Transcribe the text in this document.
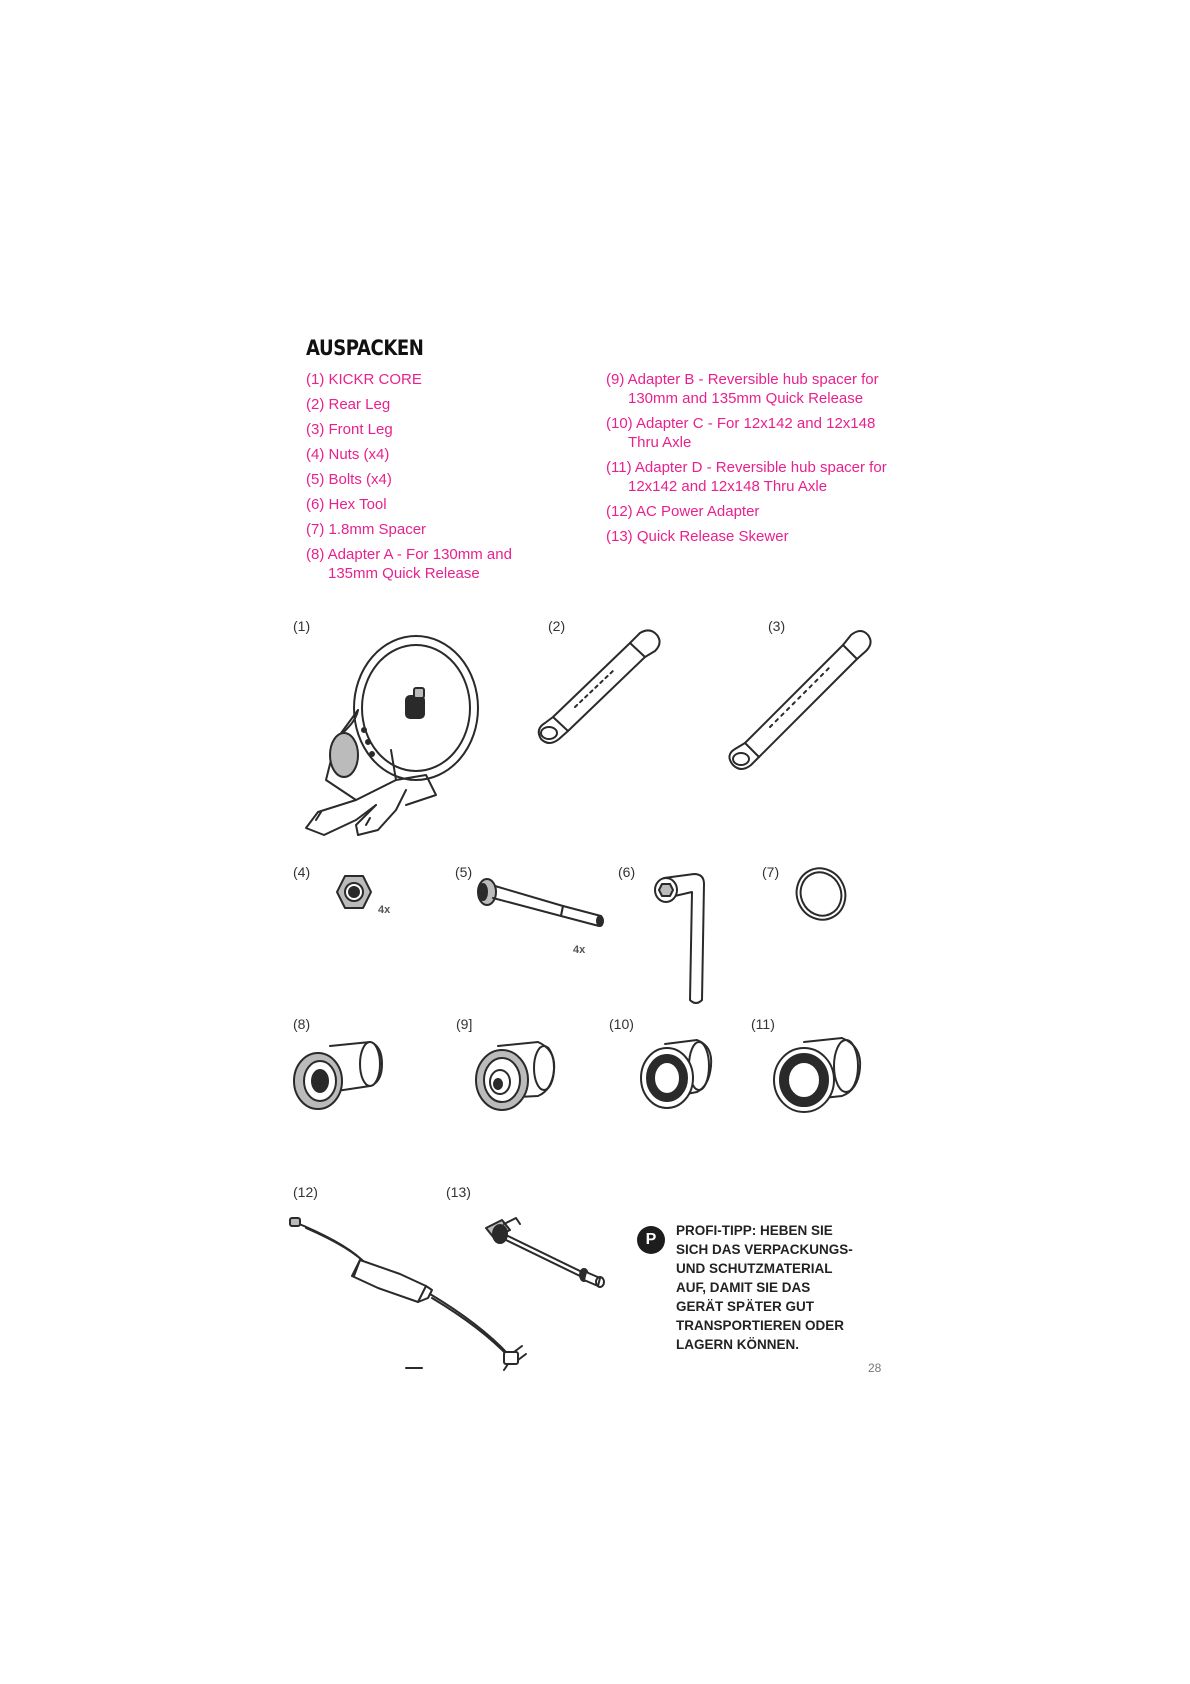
AUSPACKEN
(1) KICKR CORE
(2) Rear Leg
(3) Front Leg
(4) Nuts (x4)
(5) Bolts (x4)
(6) Hex Tool
(7) 1.8mm Spacer
(8) Adapter A - For 130mm and 135mm Quick Release
(9) Adapter B - Reversible hub spacer for 130mm and 135mm Quick Release
(10) Adapter C - For 12x142 and 12x148 Thru Axle
(11) Adapter D - Reversible hub spacer for 12x142 and 12x148 Thru Axle
(12) AC Power Adapter
(13) Quick Release Skewer
(1)	(2)	(3)
(4)	(5)	(6)	(7)
4x
4x
(8)	(9]	(10)	(11)
(12)	(13)
P
PROFI-TIPP: HEBEN SIE
SICH DAS VERPACKUNGS-
UND SCHUTZMATERIAL
AUF, DAMIT SIE DAS
GERÄT SPÄTER GUT
TRANSPORTIEREN ODER
LAGERN KÖNNEN.
28
